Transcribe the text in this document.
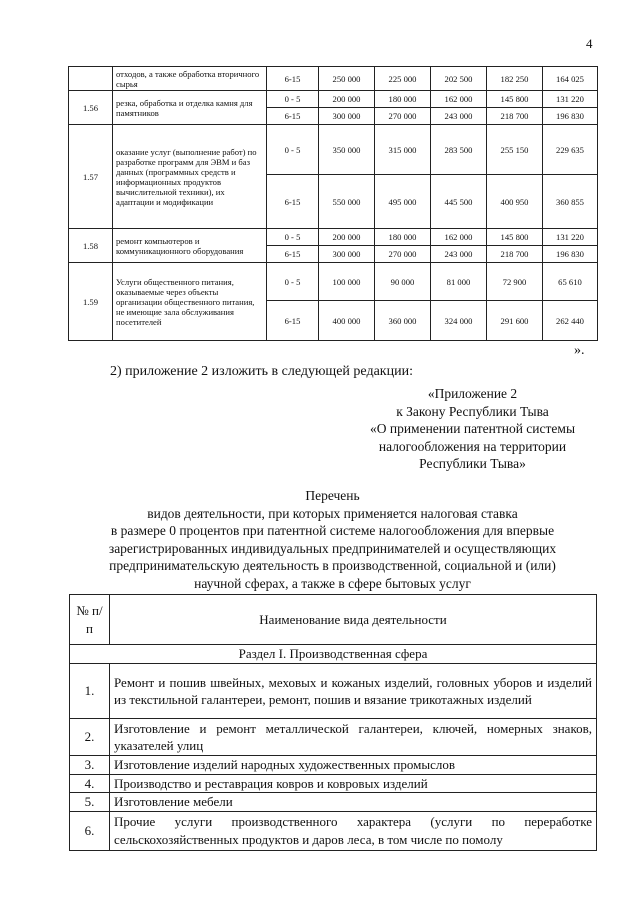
4
	отходов, а также обработка вторичного сырья	6-15	250 000	225 000	202 500	182 250	164 025
1.56	резка, обработка и отделка камня для памятников	0 - 5	200 000	180 000	162 000	145 800	131 220
		6-15	300 000	270 000	243 000	218 700	196 830
1.57	оказание услуг (выполнение работ) по разработке программ для ЭВМ и баз данных (программных средств и информационных продуктов вычислительной техники), их адаптации и модификации	0 - 5	350 000	315 000	283 500	255 150	229 635
		6-15	550 000	495 000	445 500	400 950	360 855
1.58	ремонт компьютеров и коммуникационного оборудования	0 - 5	200 000	180 000	162 000	145 800	131 220
		6-15	300 000	270 000	243 000	218 700	196 830
1.59	Услуги общественного питания, оказываемые через объекты организации общественного питания, не имеющие зала обслуживания посетителей	0 - 5	100 000	90 000	81 000	72 900	65 610
		6-15	400 000	360 000	324 000	291 600	262 440
».
2) приложение 2 изложить в следующей редакции:
«Приложение 2
к Закону Республики Тыва
«О применении патентной системы
налогообложения на территории
Республики Тыва»
Перечень
видов деятельности, при которых применяется налоговая ставка
в размере 0 процентов при патентной системе налогообложения для впервые
зарегистрированных индивидуальных предпринимателей и осуществляющих
предпринимательскую деятельность в производственной, социальной и (или)
научной сферах, а также в сфере бытовых услуг
№ п/п	Наименование вида деятельности
Раздел I. Производственная сфера	
1.	Ремонт и пошив швейных, меховых и кожаных изделий, головных уборов и изделий из текстильной галантереи, ремонт, пошив и вязание трикотажных изделий
2.	Изготовление и ремонт металлической галантереи, ключей, номерных знаков, указателей улиц
3.	Изготовление изделий народных художественных промыслов
4.	Производство и реставрация ковров и ковровых изделий
5.	Изготовление мебели
6.	Прочие услуги производственного характера (услуги по переработке сельскохозяйственных продуктов и даров леса, в том числе по помолу
